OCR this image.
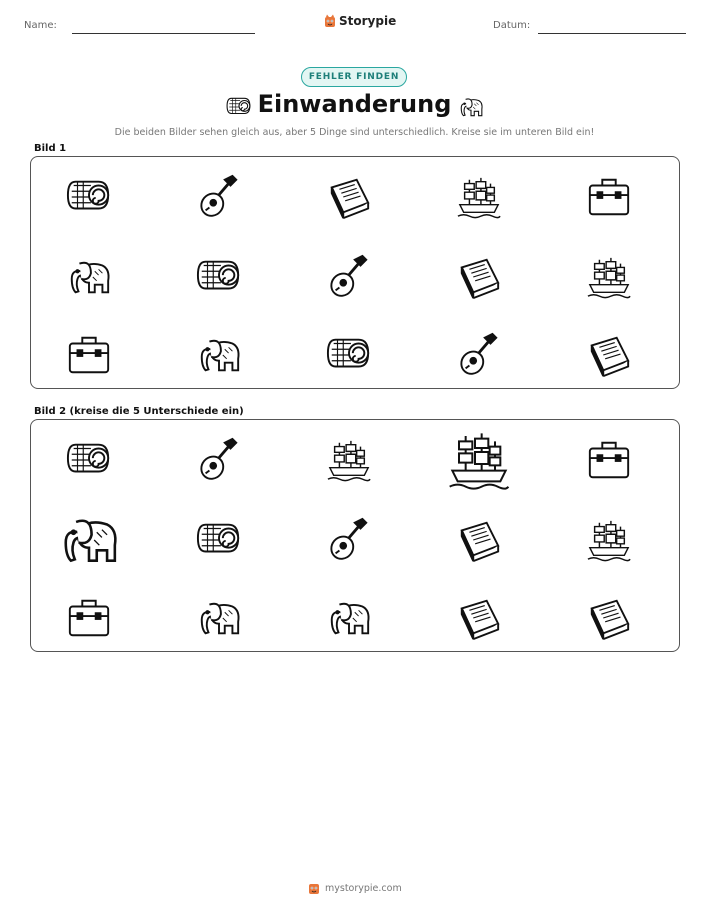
Name:	Storypie	Datum:
FEHLER FINDEN
Einwanderung
Die beiden Bilder sehen gleich aus, aber 5 Dinge sind unterschiedlich. Kreise sie im unteren Bild ein!
Bild 1
Bild 2 (kreise die 5 Unterschiede ein)
mystorypie.com
